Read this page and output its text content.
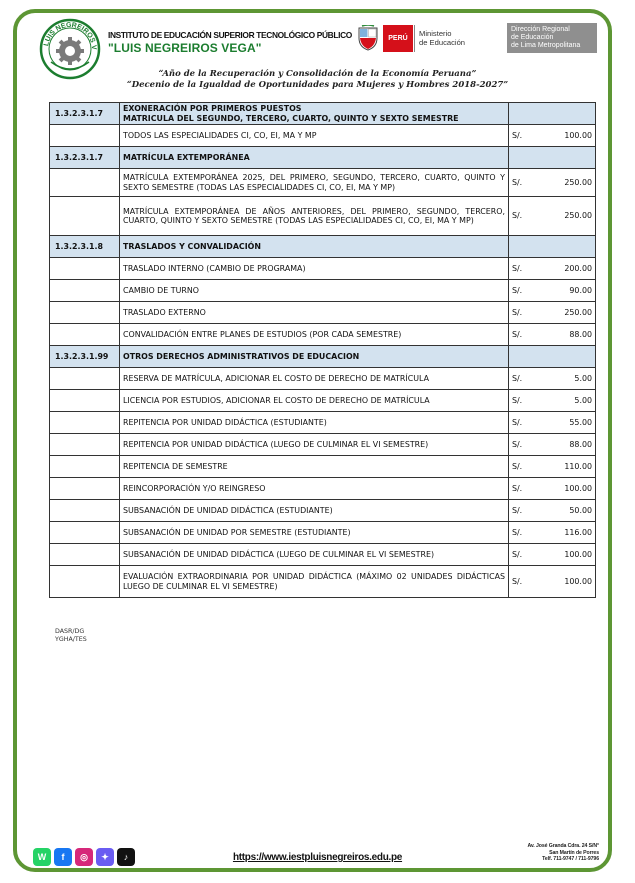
LUIS NEGREIROS V
INSTITUTO DE EDUCACIÓN SUPERIOR TECNOLÓGICO PÚBLICO
"LUIS NEGREIROS VEGA"
PERÚ
Ministerio
de Educación
Dirección Regional
de Educación
de Lima Metropolitana
“Año de la Recuperación y Consolidación de la Economía Peruana”
“Decenio de la Igualdad de Oportunidades para Mujeres y Hombres 2018-2027”
1.3.2.3.1.7	EXONERACIÓN POR PRIMEROS PUESTOS
MATRICULA DEL SEGUNDO, TERCERO, CUARTO, QUINTO Y SEXTO SEMESTRE	

	TODOS LAS ESPECIALIDADES CI, CO, EI, MA Y MP	S/. 100.00

1.3.2.3.1.7	MATRÍCULA EXTEMPORÁNEA	
	MATRÍCULA EXTEMPORÁNEA 2025, DEL PRIMERO, SEGUNDO, TERCERO, CUARTO, QUINTO Y SEXTO SEMESTRE (TODAS LAS ESPECIALIDADES CI, CO, EI, MA Y MP)	S/. 250.00

	MATRÍCULA EXTEMPORÁNEA DE AÑOS ANTERIORES, DEL PRIMERO, SEGUNDO, TERCERO, CUARTO, QUINTO Y SEXTO SEMESTRE (TODAS LAS ESPECIALIDADES CI, CO, EI, MA Y MP)	S/. 250.00

1.3.2.3.1.8	TRASLADOS Y CONVALIDACIÓN	
	TRASLADO INTERNO (CAMBIO DE PROGRAMA)	S/. 200.00

	CAMBIO DE TURNO	S/. 90.00

	TRASLADO EXTERNO	S/. 250.00

	CONVALIDACIÓN ENTRE PLANES DE ESTUDIOS (POR CADA SEMESTRE)	S/. 88.00

1.3.2.3.1.99	OTROS DERECHOS ADMINISTRATIVOS DE EDUCACION	
	RESERVA DE MATRÍCULA, ADICIONAR EL COSTO DE DERECHO DE MATRÍCULA	S/. 5.00

	LICENCIA POR ESTUDIOS, ADICIONAR EL COSTO DE DERECHO DE MATRÍCULA	S/. 5.00

	REPITENCIA POR UNIDAD DIDÁCTICA (ESTUDIANTE)	S/. 55.00

	REPITENCIA POR UNIDAD DIDÁCTICA (LUEGO DE CULMINAR EL VI SEMESTRE)	S/. 88.00

	REPITENCIA DE SEMESTRE	S/. 110.00

	REINCORPORACIÓN Y/O REINGRESO	S/. 100.00

	SUBSANACIÓN DE UNIDAD DIDÁCTICA (ESTUDIANTE)	S/. 50.00

	SUBSANACIÓN DE UNIDAD POR SEMESTRE (ESTUDIANTE)	S/. 116.00

	SUBSANACIÓN DE UNIDAD DIDÁCTICA (LUEGO DE CULMINAR EL VI SEMESTRE)	S/. 100.00

	EVALUACIÓN EXTRAORDINARIA POR UNIDAD DIDÁCTICA (MÁXIMO 02 UNIDADES DIDÁCTICAS LUEGO DE CULMINAR EL VI SEMESTRE)	S/. 100.00
DASR/DG
YGHA/TES
W	f	◎	✦	♪	https://www.iestpluisnegreiros.edu.pe
Av. José Granda Cdra. 24 S/N°
San Martín de Porres
Telf. 711-9747 / 711-9796
